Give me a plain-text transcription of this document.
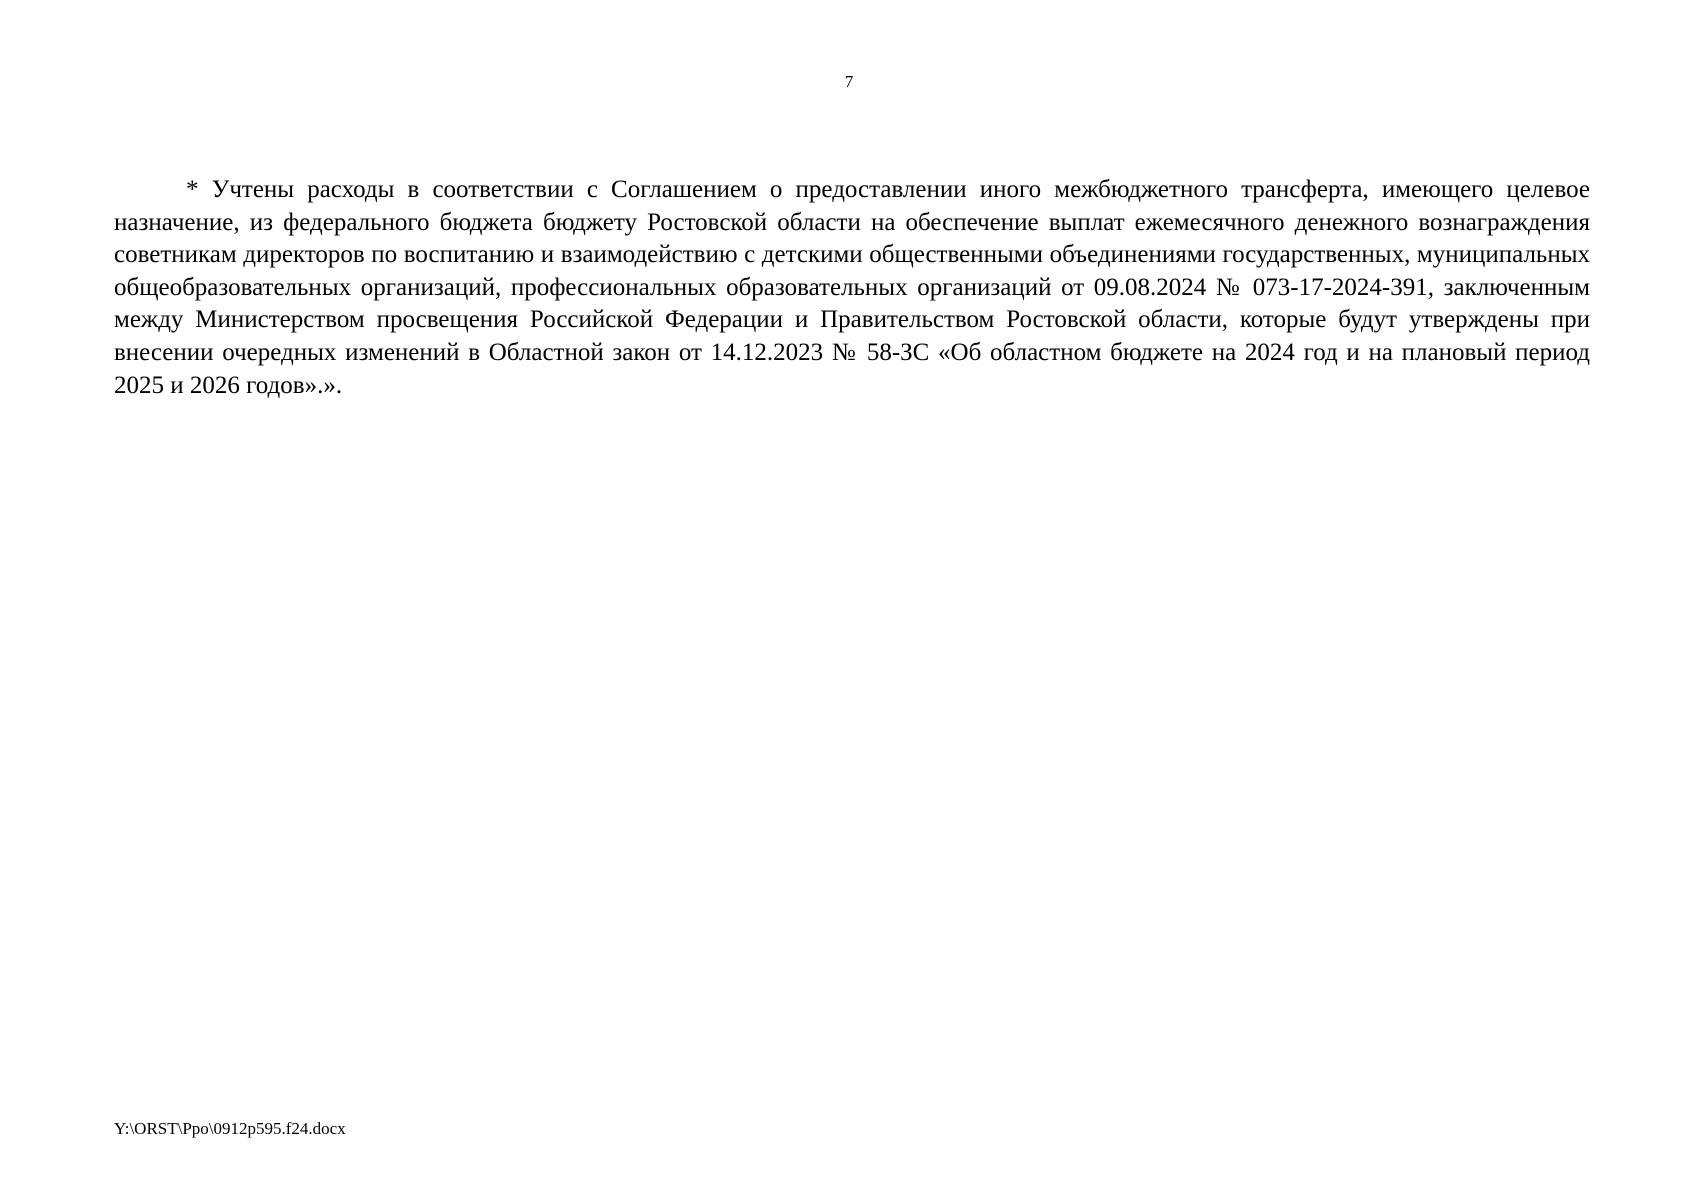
7

* Учтены расходы в соответствии с Соглашением о предоставлении иного межбюджетного трансферта, имеющего целевое назначение, из федерального бюджета бюджету Ростовской области на обеспечение выплат ежемесячного денежного вознаграждения советникам директоров по воспитанию и взаимодействию с детскими общественными объединениями государственных, муниципальных общеобразовательных организаций, профессиональных образовательных организаций от 09.08.2024 № 073-17-2024-391, заключенным между Министерством просвещения Российской Федерации и Правительством Ростовской области, которые будут утверждены при внесении очередных изменений в Областной закон от 14.12.2023 № 58-ЗС «Об областном бюджете на 2024 год и на плановый период 2025 и 2026 годов».».

Y:\ORST\Ppo\0912p595.f24.docx
